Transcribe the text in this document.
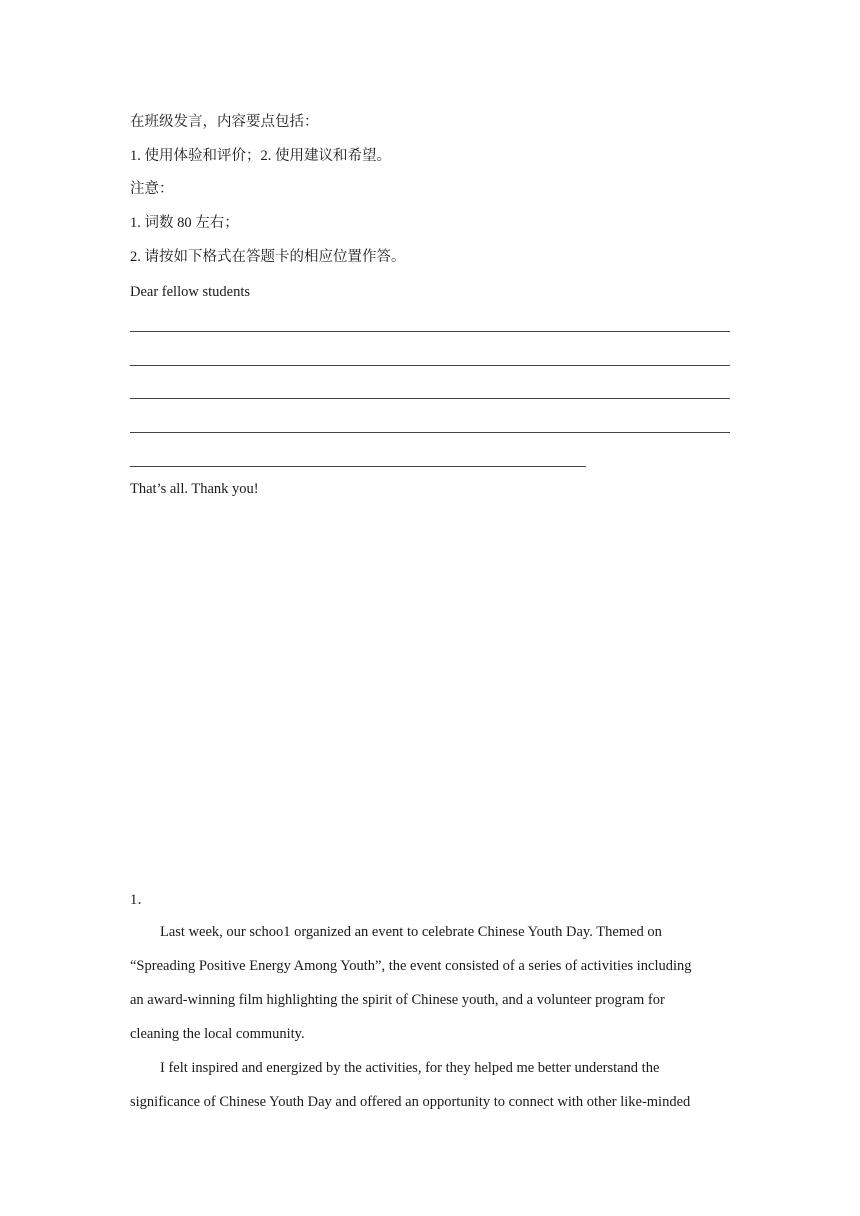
在班级发言，内容要点包括：
1. 使用体验和评价；2. 使用建议和希望。
注意：
1. 词数 80 左右；
2. 请按如下格式在答题卡的相应位置作答。
Dear fellow students
That’s all. Thank you!
1．
Last week, our schoo1 organized an event to celebrate Chinese Youth Day. Themed on
“Spreading Positive Energy Among Youth”, the event consisted of a series of activities including
an award-winning film highlighting the spirit of Chinese youth, and a volunteer program for
cleaning the local community.
I felt inspired and energized by the activities, for they helped me better understand the
significance of Chinese Youth Day and offered an opportunity to connect with other like-minded
